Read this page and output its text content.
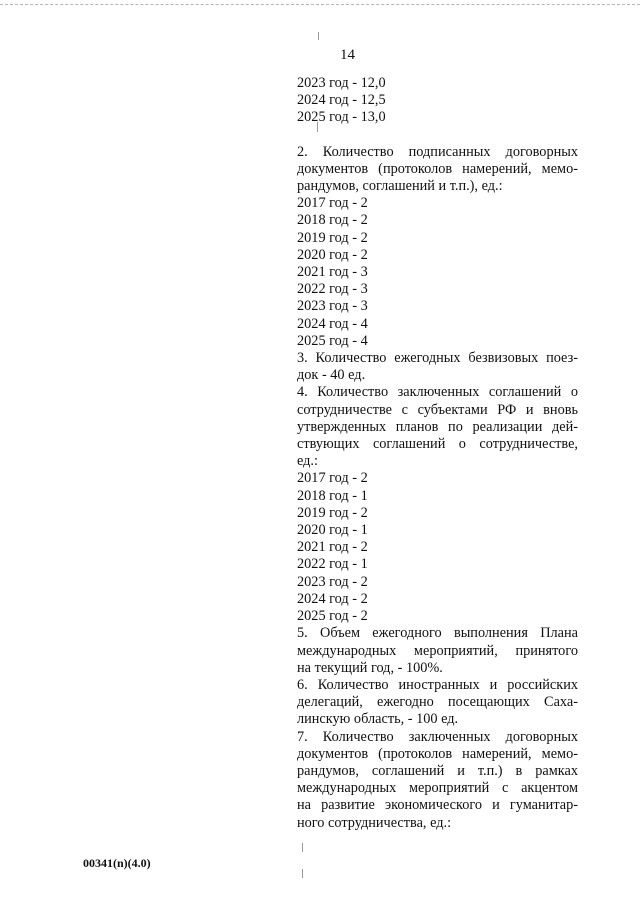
14

2023 год - 12,0

2024 год - 12,5

2025 год - 13,0

2. Количество подписанных договорных

документов (протоколов намерений, мемо-

рандумов, соглашений и т.п.), ед.:

2017 год - 2

2018 год - 2

2019 год - 2

2020 год - 2

2021 год - 3

2022 год - 3

2023 год - 3

2024 год - 4

2025 год - 4

3. Количество ежегодных безвизовых поез-

док - 40 ед.

4. Количество заключенных соглашений о

сотрудничестве с субъектами РФ и вновь

утвержденных планов по реализации дей-

ствующих соглашений о сотрудничестве,

ед.:

2017 год - 2

2018 год - 1

2019 год - 2

2020 год - 1

2021 год - 2

2022 год - 1

2023 год - 2

2024 год - 2

2025 год - 2

5. Объем ежегодного выполнения Плана

международных мероприятий, принятого

на текущий год, - 100%.

6. Количество иностранных и российских

делегаций, ежегодно посещающих Саха-

линскую область, - 100 ед.

7. Количество заключенных договорных

документов (протоколов намерений, мемо-

рандумов, соглашений и т.п.) в рамках

международных мероприятий с акцентом

на развитие экономического и гуманитар-

ного сотрудничества, ед.:

00341(n)(4.0)
